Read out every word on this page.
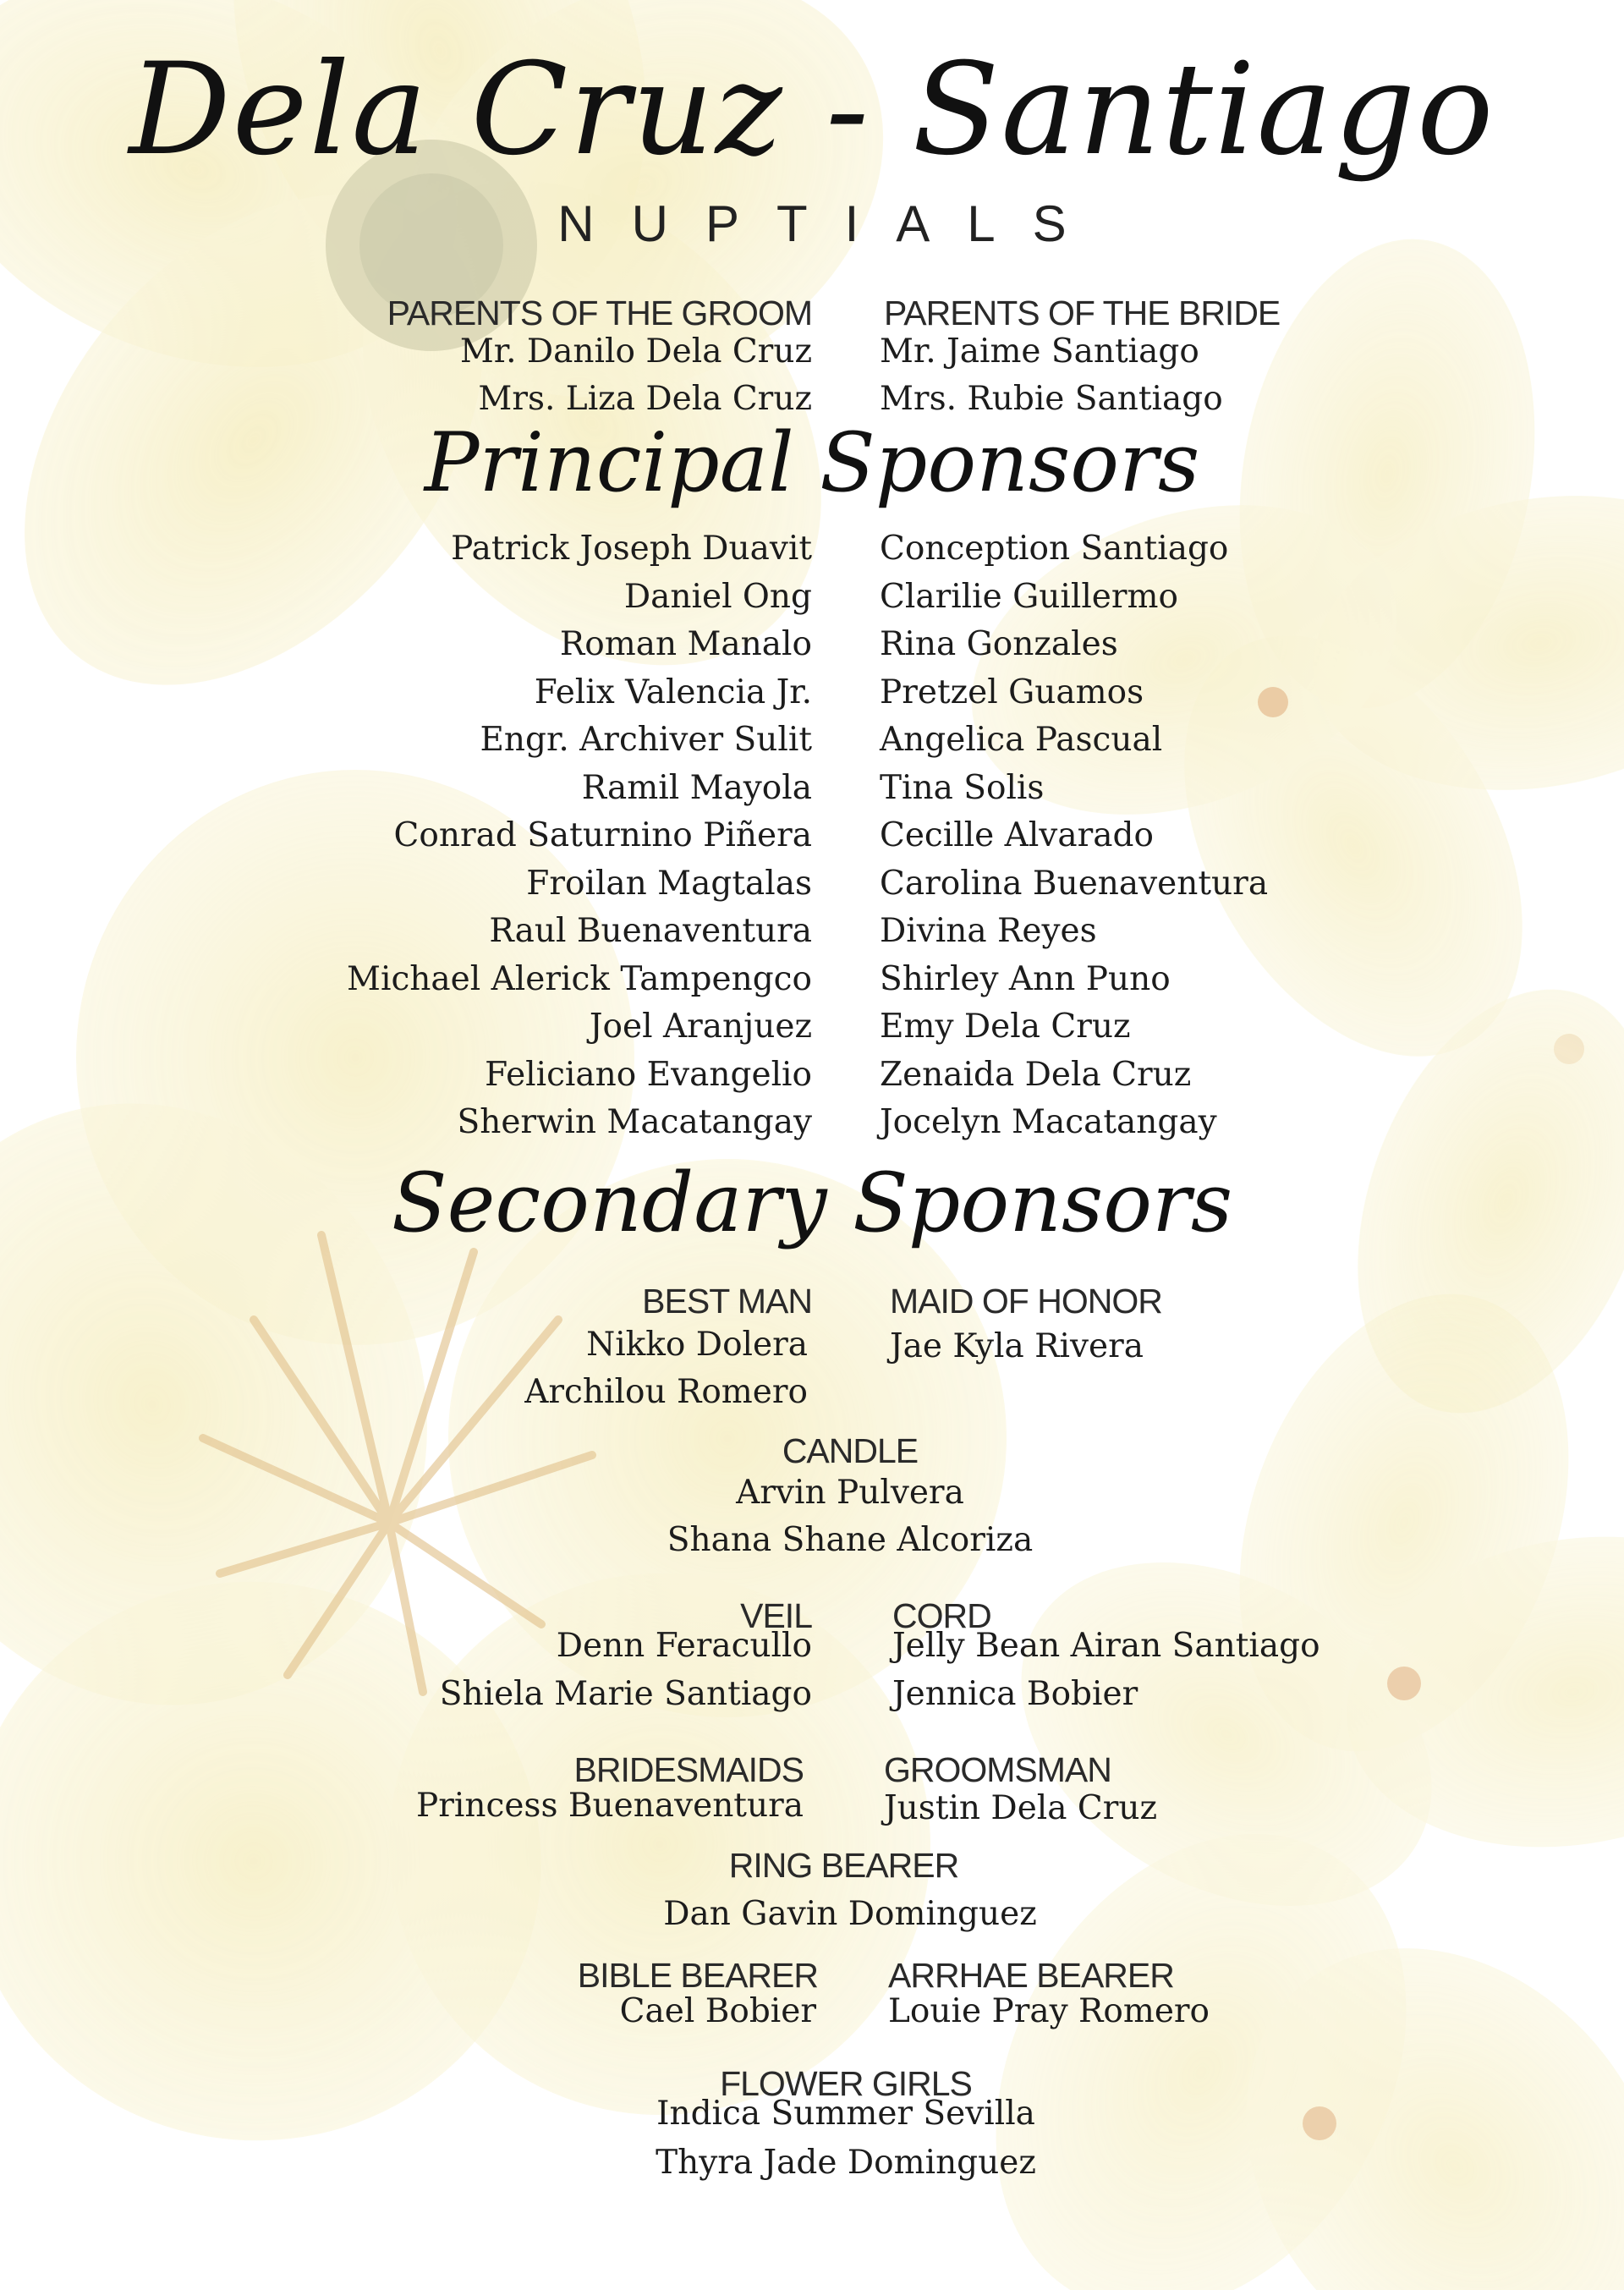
Dela Cruz - Santiago
NUPTIALS
PARENTS OF THE GROOM PARENTS OF THE BRIDE
Mr. Danilo Dela Cruz
Mrs. Liza Dela Cruz
Mr. Jaime Santiago
Mrs. Rubie Santiago
Principal Sponsors
Patrick Joseph Duavit
Daniel Ong
Roman Manalo
Felix Valencia Jr.
Engr. Archiver Sulit
Ramil Mayola
Conrad Saturnino Piñera
Froilan Magtalas
Raul Buenaventura
Michael Alerick Tampengco
Joel Aranjuez
Feliciano Evangelio
Sherwin Macatangay
Conception Santiago
Clarilie Guillermo
Rina Gonzales
Pretzel Guamos
Angelica Pascual
Tina Solis
Cecille Alvarado
Carolina Buenaventura
Divina Reyes
Shirley Ann Puno
Emy Dela Cruz
Zenaida Dela Cruz
Jocelyn Macatangay
Secondary Sponsors
BEST MAN
Nikko Dolera
Archilou Romero
MAID OF HONOR
Jae Kyla Rivera
CANDLE
Arvin Pulvera
Shana Shane Alcoriza
VEIL
Denn Feracullo
Shiela Marie Santiago
CORD
Jelly Bean Airan Santiago
Jennica Bobier
BRIDESMAIDS
Princess Buenaventura
GROOMSMAN
Justin Dela Cruz
RING BEARER
Dan Gavin Dominguez
BIBLE BEARER
Cael Bobier
ARRHAE BEARER
Louie Pray Romero
FLOWER GIRLS
Indica Summer Sevilla
Thyra Jade Dominguez
